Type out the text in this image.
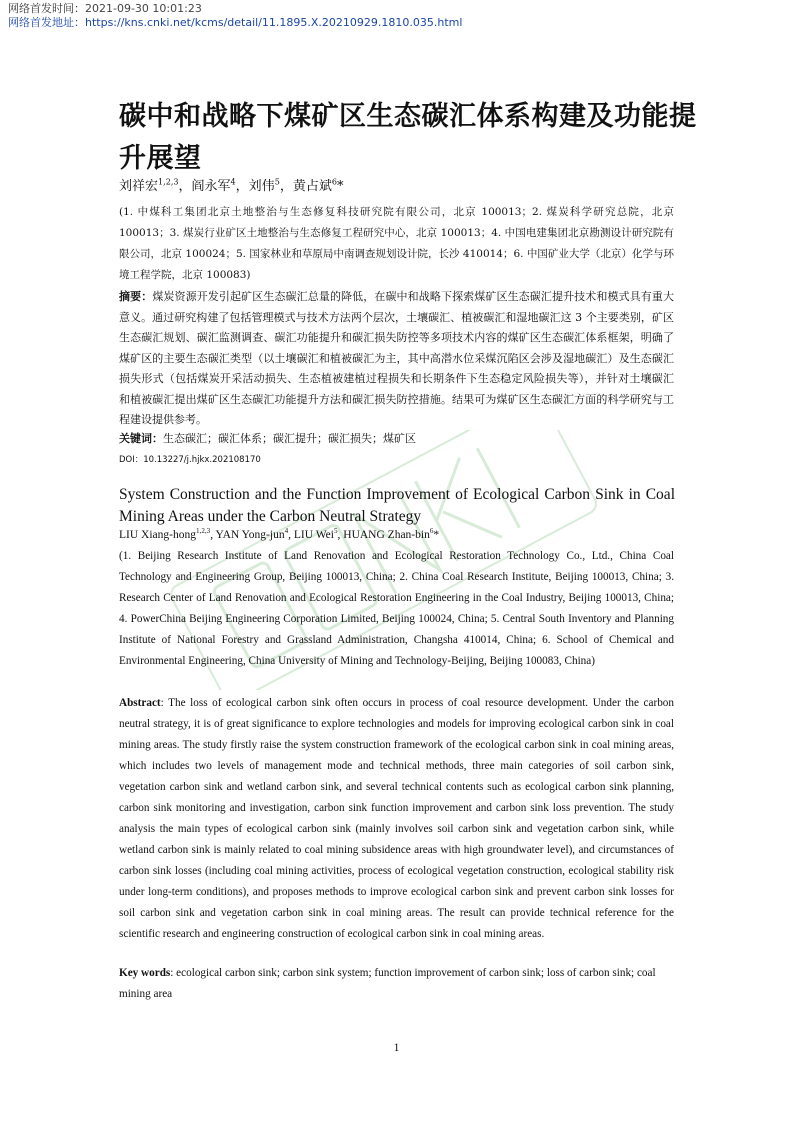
网络首发时间：2021-09-30 10:01:23
网络首发地址：https://kns.cnki.net/kcms/detail/11.1895.X.20210929.1810.035.html
碳中和战略下煤矿区生态碳汇体系构建及功能提升展望
刘祥宏$^{1,2,3}$，阎永军$^4$，刘伟$^5$，黄占斌$^6$*
(1. 中煤科工集团北京土地整治与生态修复科技研究院有限公司，北京 100013；2. 煤炭科学研究总院，北京 100013；3. 煤炭行业矿区土地整治与生态修复工程研究中心，北京 100013；4. 中国电建集团北京勘测设计研究院有限公司，北京 100024；5. 国家林业和草原局中南调查规划设计院，长沙 410014；6. 中国矿业大学（北京）化学与环境工程学院，北京 100083)
摘要：煤炭资源开发引起矿区生态碳汇总量的降低，在碳中和战略下探索煤矿区生态碳汇提升技术和模式具有重大意义。通过研究构建了包括管理模式与技术方法两个层次，土壤碳汇、植被碳汇和湿地碳汇这 3 个主要类别，矿区生态碳汇规划、碳汇监测调查、碳汇功能提升和碳汇损失防控等多项技术内容的煤矿区生态碳汇体系框架，明确了煤矿区的主要生态碳汇类型（以土壤碳汇和植被碳汇为主，其中高潜水位采煤沉陷区会涉及湿地碳汇）及生态碳汇损失形式（包括煤炭开采活动损失、生态植被建植过程损失和长期条件下生态稳定风险损失等），并针对土壤碳汇和植被碳汇提出煤矿区生态碳汇功能提升方法和碳汇损失防控措施。结果可为煤矿区生态碳汇方面的科学研究与工程建设提供参考。
关键词：生态碳汇；碳汇体系；碳汇提升；碳汇损失；煤矿区
DOI：10.13227/j.hjkx.202108170
System Construction and the Function Improvement of Ecological Carbon Sink in Coal Mining Areas under the Carbon Neutral Strategy
LIU Xiang-hong$^{1,2,3}$, YAN Yong-jun$^4$, LIU Wei$^5$, HUANG Zhan-bin$^6$*
(1. Beijing Research Institute of Land Renovation and Ecological Restoration Technology Co., Ltd., China Coal Technology and Engineering Group, Beijing 100013, China; 2. China Coal Research Institute, Beijing 100013, China; 3. Research Center of Land Renovation and Ecological Restoration Engineering in the Coal Industry, Beijing 100013, China; 4. PowerChina Beijing Engineering Corporation Limited, Beijing 100024, China; 5. Central South Inventory and Planning Institute of National Forestry and Grassland Administration, Changsha 410014, China; 6. School of Chemical and Environmental Engineering, China University of Mining and Technology-Beijing, Beijing 100083, China)
Abstract: The loss of ecological carbon sink often occurs in process of coal resource development. Under the carbon neutral strategy, it is of great significance to explore technologies and models for improving ecological carbon sink in coal mining areas. The study firstly raise the system construction framework of the ecological carbon sink in coal mining areas, which includes two levels of management mode and technical methods, three main categories of soil carbon sink, vegetation carbon sink and wetland carbon sink, and several technical contents such as ecological carbon sink planning, carbon sink monitoring and investigation, carbon sink function improvement and carbon sink loss prevention. The study analysis the main types of ecological carbon sink (mainly involves soil carbon sink and vegetation carbon sink, while wetland carbon sink is mainly related to coal mining subsidence areas with high groundwater level), and circumstances of carbon sink losses (including coal mining activities, process of ecological vegetation construction, ecological stability risk under long-term conditions), and proposes methods to improve ecological carbon sink and prevent carbon sink losses for soil carbon sink and vegetation carbon sink in coal mining areas. The result can provide technical reference for the scientific research and engineering construction of ecological carbon sink in coal mining areas.
Key words: ecological carbon sink; carbon sink system; function improvement of carbon sink; loss of carbon sink; coal mining area
1
